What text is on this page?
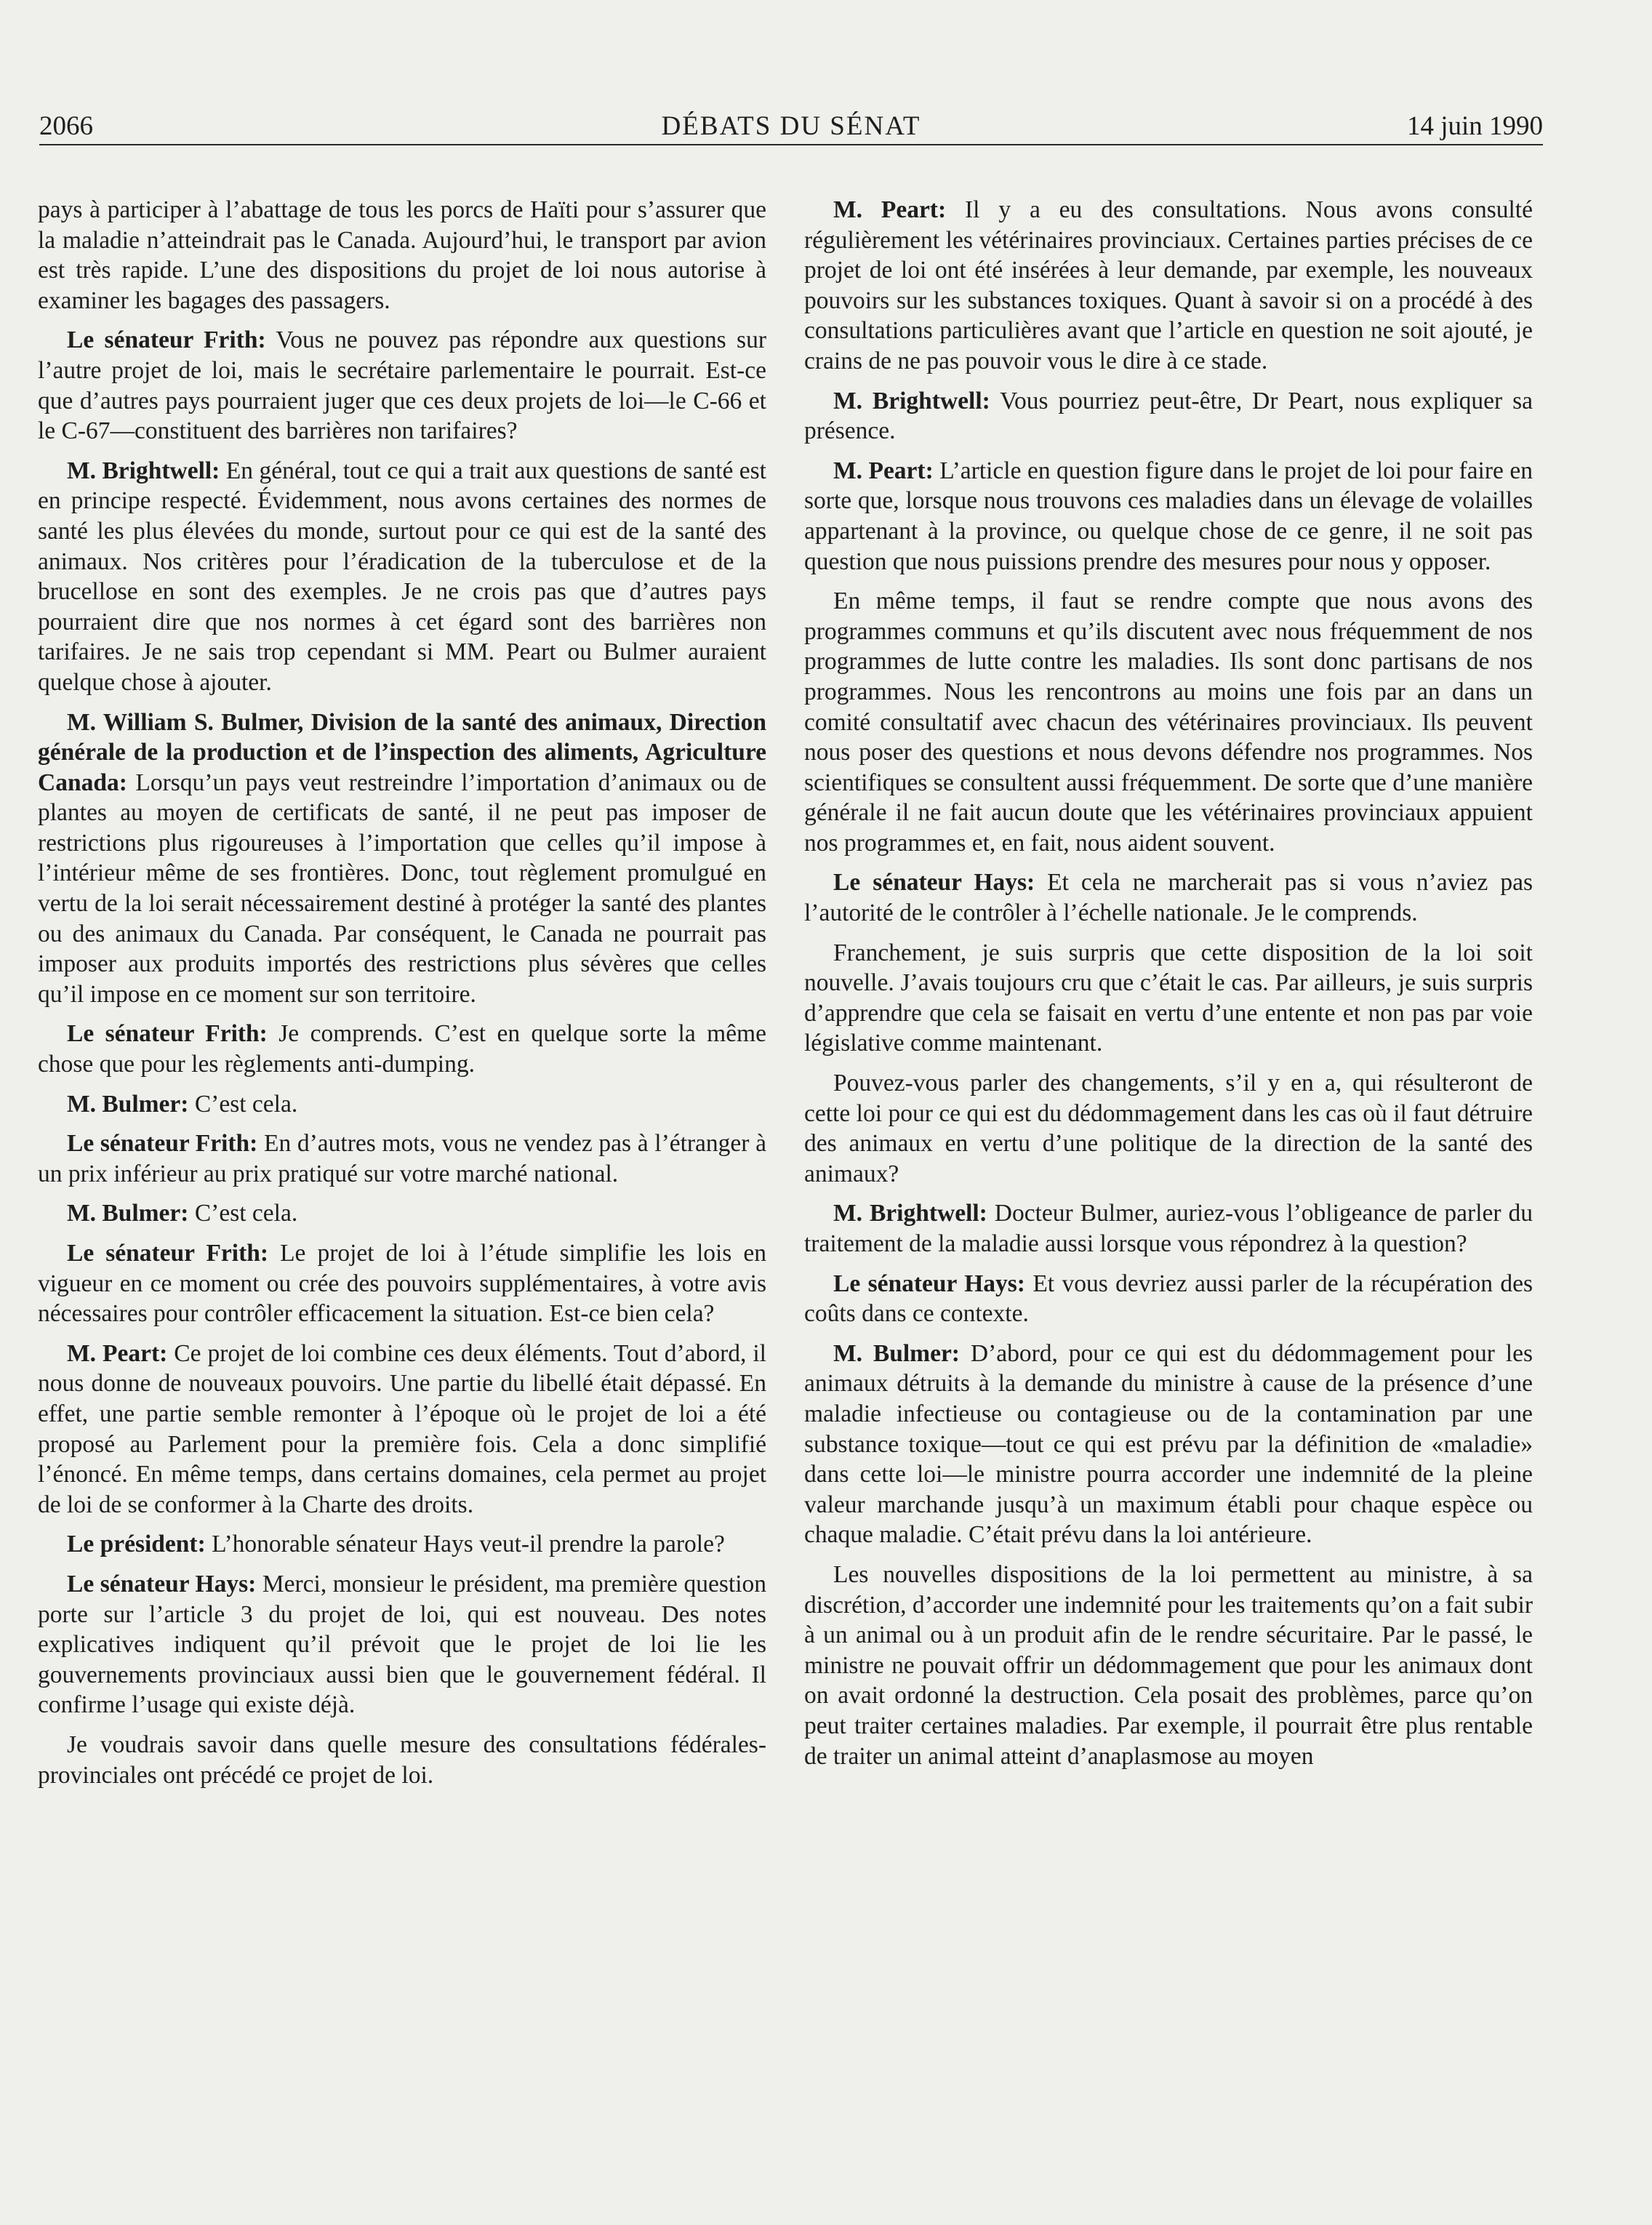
2066	DÉBATS DU SÉNAT	14 juin 1990

pays à participer à l’abattage de tous les porcs de Haïti pour s’assurer que la maladie n’atteindrait pas le Canada. Aujourd’hui, le transport par avion est très rapide. L’une des dispositions du projet de loi nous autorise à examiner les bagages des passagers.

Le sénateur Frith: Vous ne pouvez pas répondre aux questions sur l’autre projet de loi, mais le secrétaire parlementaire le pourrait. Est-ce que d’autres pays pourraient juger que ces deux projets de loi—le C-66 et le C-67—constituent des barrières non tarifaires?

M. Brightwell: En général, tout ce qui a trait aux questions de santé est en principe respecté. Évidemment, nous avons certaines des normes de santé les plus élevées du monde, surtout pour ce qui est de la santé des animaux. Nos critères pour l’éradication de la tuberculose et de la brucellose en sont des exemples. Je ne crois pas que d’autres pays pourraient dire que nos normes à cet égard sont des barrières non tarifaires. Je ne sais trop cependant si MM. Peart ou Bulmer auraient quelque chose à ajouter.

M. William S. Bulmer, Division de la santé des animaux, Direction générale de la production et de l’inspection des aliments, Agriculture Canada: Lorsqu’un pays veut restreindre l’importation d’animaux ou de plantes au moyen de certificats de santé, il ne peut pas imposer de restrictions plus rigoureuses à l’importation que celles qu’il impose à l’intérieur même de ses frontières. Donc, tout règlement promulgué en vertu de la loi serait nécessairement destiné à protéger la santé des plantes ou des animaux du Canada. Par conséquent, le Canada ne pourrait pas imposer aux produits importés des restrictions plus sévères que celles qu’il impose en ce moment sur son territoire.

Le sénateur Frith: Je comprends. C’est en quelque sorte la même chose que pour les règlements anti-dumping.

M. Bulmer: C’est cela.

Le sénateur Frith: En d’autres mots, vous ne vendez pas à l’étranger à un prix inférieur au prix pratiqué sur votre marché national.

M. Bulmer: C’est cela.

Le sénateur Frith: Le projet de loi à l’étude simplifie les lois en vigueur en ce moment ou crée des pouvoirs supplémentaires, à votre avis nécessaires pour contrôler efficacement la situation. Est-ce bien cela?

M. Peart: Ce projet de loi combine ces deux éléments. Tout d’abord, il nous donne de nouveaux pouvoirs. Une partie du libellé était dépassé. En effet, une partie semble remonter à l’époque où le projet de loi a été proposé au Parlement pour la première fois. Cela a donc simplifié l’énoncé. En même temps, dans certains domaines, cela permet au projet de loi de se conformer à la Charte des droits.

Le président: L’honorable sénateur Hays veut-il prendre la parole?

Le sénateur Hays: Merci, monsieur le président, ma première question porte sur l’article 3 du projet de loi, qui est nouveau. Des notes explicatives indiquent qu’il prévoit que le projet de loi lie les gouvernements provinciaux aussi bien que le gouvernement fédéral. Il confirme l’usage qui existe déjà.

Je voudrais savoir dans quelle mesure des consultations fédérales-provinciales ont précédé ce projet de loi.

M. Peart: Il y a eu des consultations. Nous avons consulté régulièrement les vétérinaires provinciaux. Certaines parties précises de ce projet de loi ont été insérées à leur demande, par exemple, les nouveaux pouvoirs sur les substances toxiques. Quant à savoir si on a procédé à des consultations particulières avant que l’article en question ne soit ajouté, je crains de ne pas pouvoir vous le dire à ce stade.

M. Brightwell: Vous pourriez peut-être, Dr Peart, nous expliquer sa présence.

M. Peart: L’article en question figure dans le projet de loi pour faire en sorte que, lorsque nous trouvons ces maladies dans un élevage de volailles appartenant à la province, ou quelque chose de ce genre, il ne soit pas question que nous puissions prendre des mesures pour nous y opposer.

En même temps, il faut se rendre compte que nous avons des programmes communs et qu’ils discutent avec nous fréquemment de nos programmes de lutte contre les maladies. Ils sont donc partisans de nos programmes. Nous les rencontrons au moins une fois par an dans un comité consultatif avec chacun des vétérinaires provinciaux. Ils peuvent nous poser des questions et nous devons défendre nos programmes. Nos scientifiques se consultent aussi fréquemment. De sorte que d’une manière générale il ne fait aucun doute que les vétérinaires provinciaux appuient nos programmes et, en fait, nous aident souvent.

Le sénateur Hays: Et cela ne marcherait pas si vous n’aviez pas l’autorité de le contrôler à l’échelle nationale. Je le comprends.

Franchement, je suis surpris que cette disposition de la loi soit nouvelle. J’avais toujours cru que c’était le cas. Par ailleurs, je suis surpris d’apprendre que cela se faisait en vertu d’une entente et non pas par voie législative comme maintenant.

Pouvez-vous parler des changements, s’il y en a, qui résulteront de cette loi pour ce qui est du dédommagement dans les cas où il faut détruire des animaux en vertu d’une politique de la direction de la santé des animaux?

M. Brightwell: Docteur Bulmer, auriez-vous l’obligeance de parler du traitement de la maladie aussi lorsque vous répondrez à la question?

Le sénateur Hays: Et vous devriez aussi parler de la récupération des coûts dans ce contexte.

M. Bulmer: D’abord, pour ce qui est du dédommagement pour les animaux détruits à la demande du ministre à cause de la présence d’une maladie infectieuse ou contagieuse ou de la contamination par une substance toxique—tout ce qui est prévu par la définition de «maladie» dans cette loi—le ministre pourra accorder une indemnité de la pleine valeur marchande jusqu’à un maximum établi pour chaque espèce ou chaque maladie. C’était prévu dans la loi antérieure.

Les nouvelles dispositions de la loi permettent au ministre, à sa discrétion, d’accorder une indemnité pour les traitements qu’on a fait subir à un animal ou à un produit afin de le rendre sécuritaire. Par le passé, le ministre ne pouvait offrir un dédommagement que pour les animaux dont on avait ordonné la destruction. Cela posait des problèmes, parce qu’on peut traiter certaines maladies. Par exemple, il pourrait être plus rentable de traiter un animal atteint d’anaplasmose au moyen
